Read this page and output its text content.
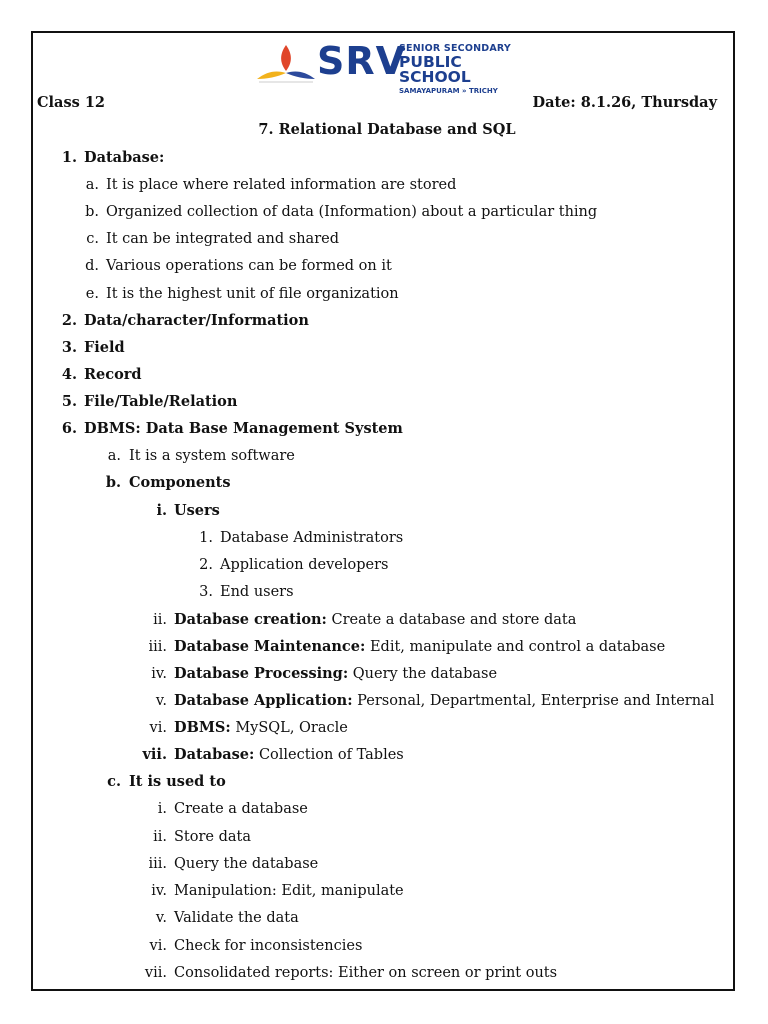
SRV
SENIOR SECONDARY
PUBLIC SCHOOL
SAMAYAPURAM » TRICHY
Class 12	Date: 8.1.26, Thursday
7. Relational Database and SQL
1. Database:
a. It is place where related information are stored
b. Organized collection of data (Information) about a particular thing
c. It can be integrated and shared
d. Various operations can be formed on it
e. It is the highest unit of file organization
2. Data/character/Information
3. Field
4. Record
5. File/Table/Relation
6. DBMS: Data Base Management System
a. It is a system software
b. Components
i. Users
1. Database Administrators
2. Application developers
3. End users
ii. Database creation: Create a database and store data
iii. Database Maintenance: Edit, manipulate and control a database
iv. Database Processing: Query the database
v. Database Application: Personal, Departmental, Enterprise and Internal
vi. DBMS: MySQL, Oracle
vii. Database: Collection of Tables
c. It is used to
i. Create a database
ii. Store data
iii. Query the database
iv. Manipulation: Edit, manipulate
v. Validate the data
vi. Check for inconsistencies
vii. Consolidated reports: Either on screen or print outs
